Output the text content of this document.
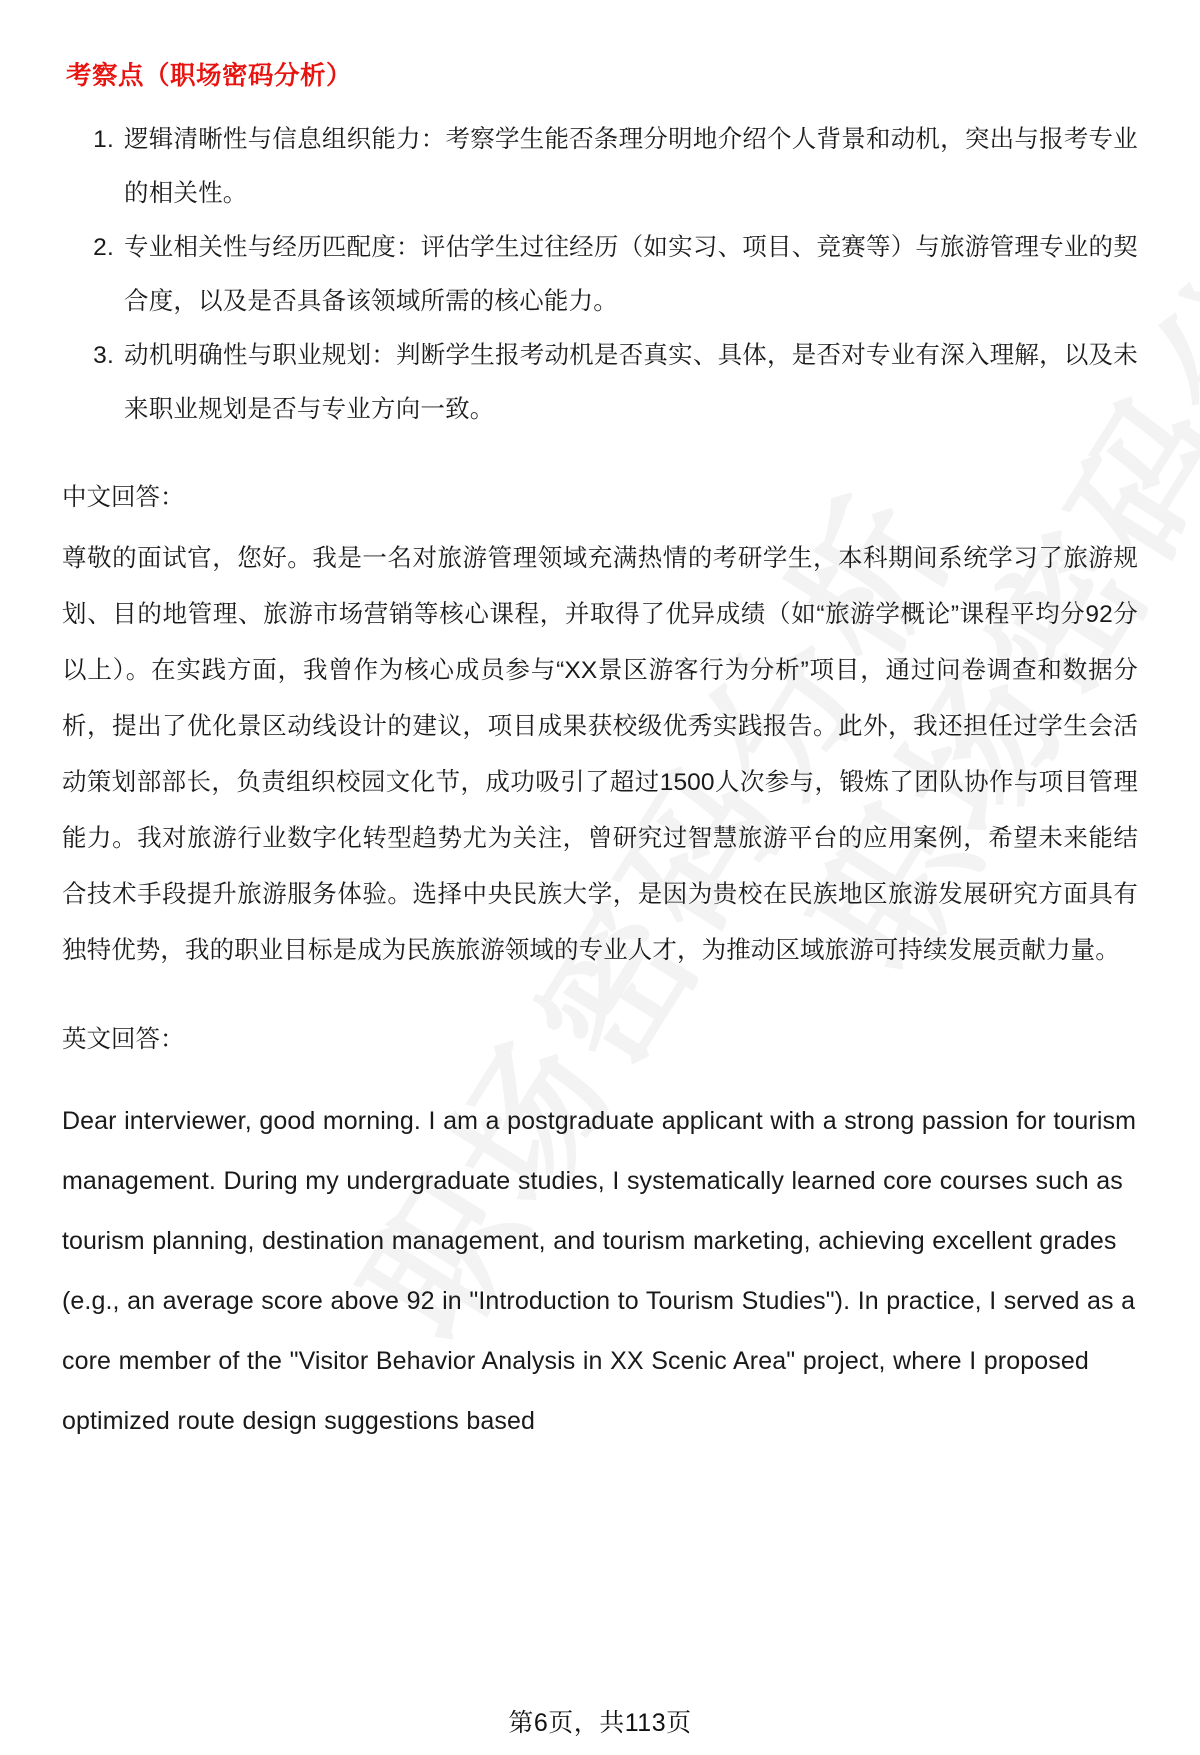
考察点（职场密码分析）
逻辑清晰性与信息组织能力：考察学生能否条理分明地介绍个人背景和动机，突出与报考专业的相关性。
专业相关性与经历匹配度：评估学生过往经历（如实习、项目、竞赛等）与旅游管理专业的契合度，以及是否具备该领域所需的核心能力。
动机明确性与职业规划：判断学生报考动机是否真实、具体，是否对专业有深入理解，以及未来职业规划是否与专业方向一致。
中文回答：

尊敬的面试官，您好。我是一名对旅游管理领域充满热情的考研学生，本科期间系统学习了旅游规划、目的地管理、旅游市场营销等核心课程，并取得了优异成绩（如“旅游学概论”课程平均分92分以上）。在实践方面，我曾作为核心成员参与“XX景区游客行为分析”项目，通过问卷调查和数据分析，提出了优化景区动线设计的建议，项目成果获校级优秀实践报告。此外，我还担任过学生会活动策划部部长，负责组织校园文化节，成功吸引了超过1500人次参与，锻炼了团队协作与项目管理能力。我对旅游行业数字化转型趋势尤为关注，曾研究过智慧旅游平台的应用案例，希望未来能结合技术手段提升旅游服务体验。选择中央民族大学，是因为贵校在民族地区旅游发展研究方面具有独特优势，我的职业目标是成为民族旅游领域的专业人才，为推动区域旅游可持续发展贡献力量。

英文回答：

Dear interviewer, good morning. I am a postgraduate applicant with a strong passion for tourism management. During my undergraduate studies, I systematically learned core courses such as tourism planning, destination management, and tourism marketing, achieving excellent grades (e.g., an average score above 92 in "Introduction to Tourism Studies"). In practice, I served as a core member of the "Visitor Behavior Analysis in XX Scenic Area" project, where I proposed optimized route design suggestions based

第6页，共113页
